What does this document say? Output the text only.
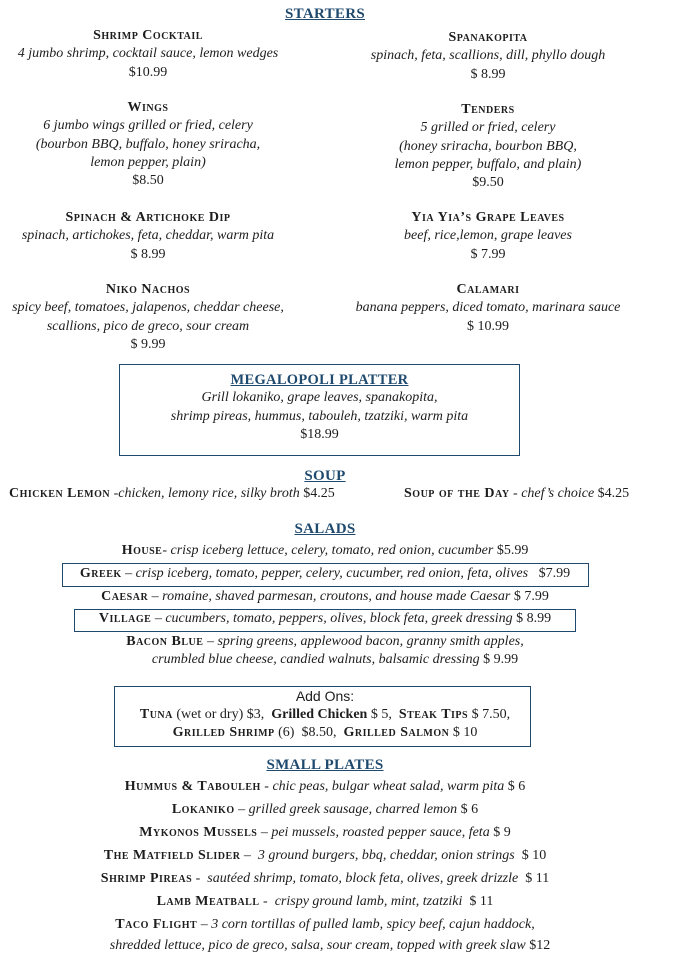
STARTERS
Shrimp Cocktail
4 jumbo shrimp, cocktail sauce, lemon wedges
$10.99
Wings
6 jumbo wings grilled or fried, celery
(bourbon BBQ, buffalo, honey sriracha,
lemon pepper, plain)
$8.50
Spinach & Artichoke Dip
spinach, artichokes, feta, cheddar, warm pita
$ 8.99
Niko Nachos
spicy beef, tomatoes, jalapenos, cheddar cheese,
scallions, pico de greco, sour cream
$ 9.99
Spanakopita
spinach, feta, scallions, dill, phyllo dough
$ 8.99
Tenders
5 grilled or fried, celery
(honey sriracha, bourbon BBQ,
lemon pepper, buffalo, and plain)
$9.50
Yia Yia’s Grape Leaves
beef, rice,lemon, grape leaves
$ 7.99
Calamari
banana peppers, diced tomato, marinara sauce
$ 10.99
MEGALOPOLI PLATTER
Grill lokaniko, grape leaves, spanakopita,
shrimp pireas, hummus, tabouleh, tzatziki, warm pita
$18.99
SOUP
Chicken Lemon -chicken, lemony rice, silky broth $4.25	Soup of the Day - chef’s choice $4.25
SALADS
House- crisp iceberg lettuce, celery, tomato, red onion, cucumber $5.99
Greek – crisp iceberg, tomato, pepper, celery, cucumber, red onion, feta, olives   $7.99
Caesar – romaine, shaved parmesan, croutons, and house made Caesar $ 7.99
Village – cucumbers, tomato, peppers, olives, block feta, greek dressing $ 8.99
Bacon Blue – spring greens, applewood bacon, granny smith apples,
crumbled blue cheese, candied walnuts, balsamic dressing $ 9.99
Add Ons:
Tuna (wet or dry) $3,  Grilled Chicken $ 5,  Steak Tips $ 7.50,
Grilled Shrimp (6)  $8.50,  Grilled Salmon $ 10
SMALL PLATES
Hummus & Tabouleh - chic peas, bulgar wheat salad, warm pita $ 6
Lokaniko – grilled greek sausage, charred lemon $ 6
Mykonos Mussels – pei mussels, roasted pepper sauce, feta $ 9
The Matfield Slider –  3 ground burgers, bbq, cheddar, onion strings  $ 10
Shrimp Pireas -  sautéed shrimp, tomato, block feta, olives, greek drizzle  $ 11
Lamb Meatball -  crispy ground lamb, mint, tzatziki  $ 11
Taco Flight – 3 corn tortillas of pulled lamb, spicy beef, cajun haddock,
shredded lettuce, pico de greco, salsa, sour cream, topped with greek slaw $12
